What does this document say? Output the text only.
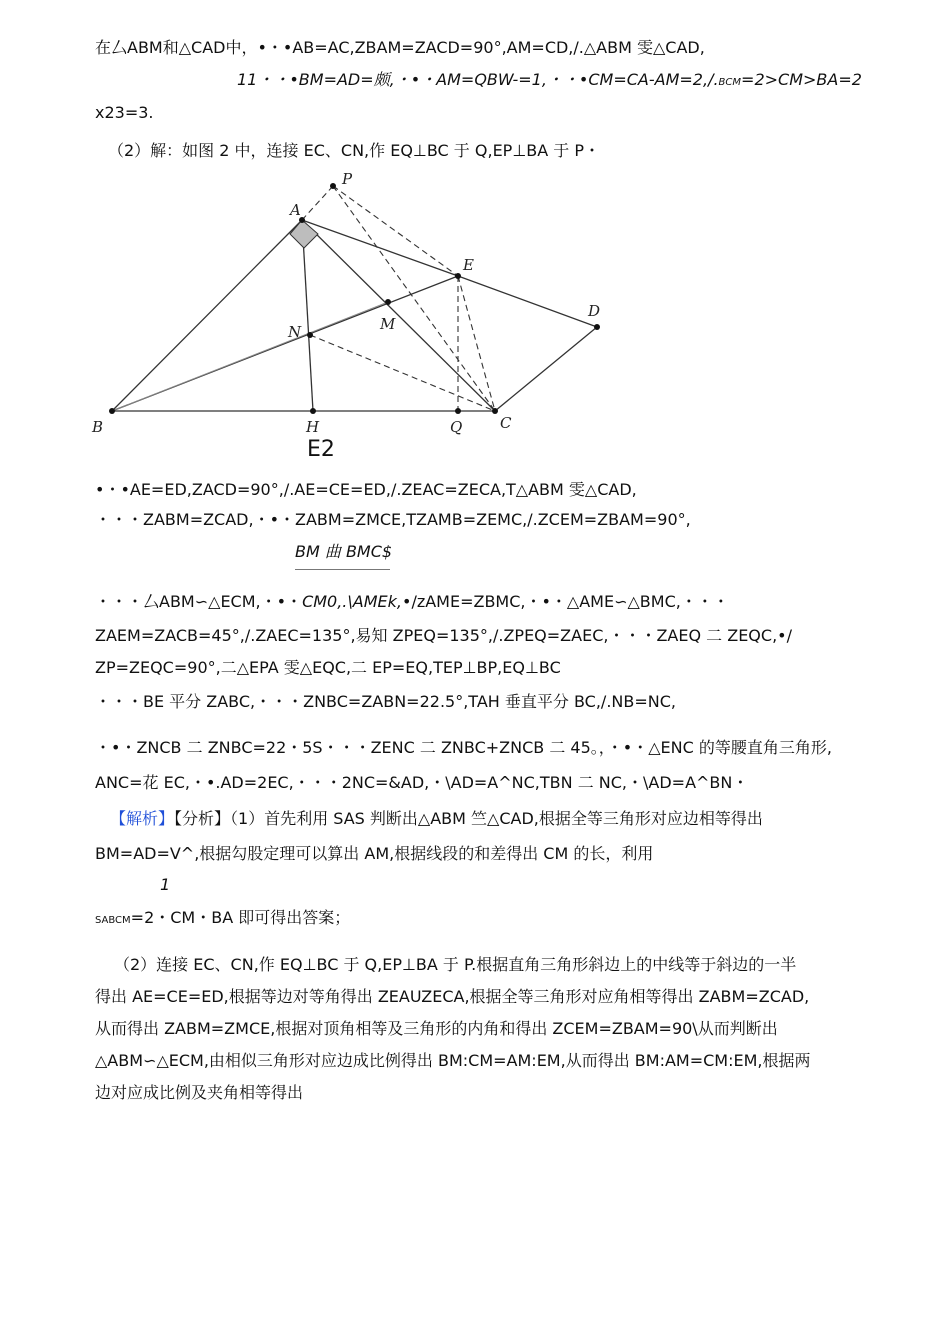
在厶ABM和△CAD中，•・•AB=AC,ZBAM=ZACD=90°,AM=CD,/.△ABM 雯△CAD,
11・・•BM=AD=颇,・•・AM=QBW-=1,・・•CM=CA-AM=2,/.BCM=2>CM>BA=2
x23=3.
（2）解：如图 2 中，连接 EC、CN,作 EQ⊥BC 于 Q,EP⊥BA 于 P・
A
P
E
D
M
N
B	H	Q	C
E2
•・•AE=ED,ZACD=90°,/.AE=CE=ED,/.ZEAC=ZECA,T△ABM 雯△CAD,
・・・ZABM=ZCAD,・•・ZABM=ZMCE,TZAMB=ZEMC,/.ZCEM=ZBAM=90°,
BM 曲 BMC$
・・・厶ABM∽△ECM,・•・CM0,.\AMEk,•/zAME=ZBMC,・•・△AME∽△BMC,・・・
ZAEM=ZACB=45°,/.ZAEC=135°,易知 ZPEQ=135°,/.ZPEQ=ZAEC,・・・ZAEQ 二 ZEQC,•/
ZP=ZEQC=90°,二△EPA 雯△EQC,二 EP=EQ,TEP⊥BP,EQ⊥BC
・・・BE 平分 ZABC,・・・ZNBC=ZABN=22.5°,TAH 垂直平分 BC,/.NB=NC,
・•・ZNCB 二 ZNBC=22・5S・・・ZENC 二 ZNBC+ZNCB 二 45。，・•・△ENC 的等腰直角三角形,
ANC=花 EC,・•.AD=2EC,・・・2NC=&AD,・\AD=A^NC,TBN 二 NC,・\AD=A^BN・
【解析】【分析】（1）首先利用 SAS 判断出△ABM 竺△CAD,根据全等三角形对应边相等得出
BM=AD=V^,根据勾股定理可以算出 AM,根据线段的和差得出 CM 的长，利用
1
SABCM=2・CM・BA 即可得出答案；
（2）连接 EC、CN,作 EQ⊥BC 于 Q,EP⊥BA 于 P.根据直角三角形斜边上的中线等于斜边的一半
得出 AE=CE=ED,根据等边对等角得出 ZEAUZECA,根据全等三角形对应角相等得出 ZABM=ZCAD,
从而得出 ZABM=ZMCE,根据对顶角相等及三角形的内角和得出 ZCEM=ZBAM=90\从而判断出
△ABM∽△ECM,由相似三角形对应边成比例得出 BM:CM=AM:EM,从而得出 BM:AM=CM:EM,根据两
边对应成比例及夹角相等得出
